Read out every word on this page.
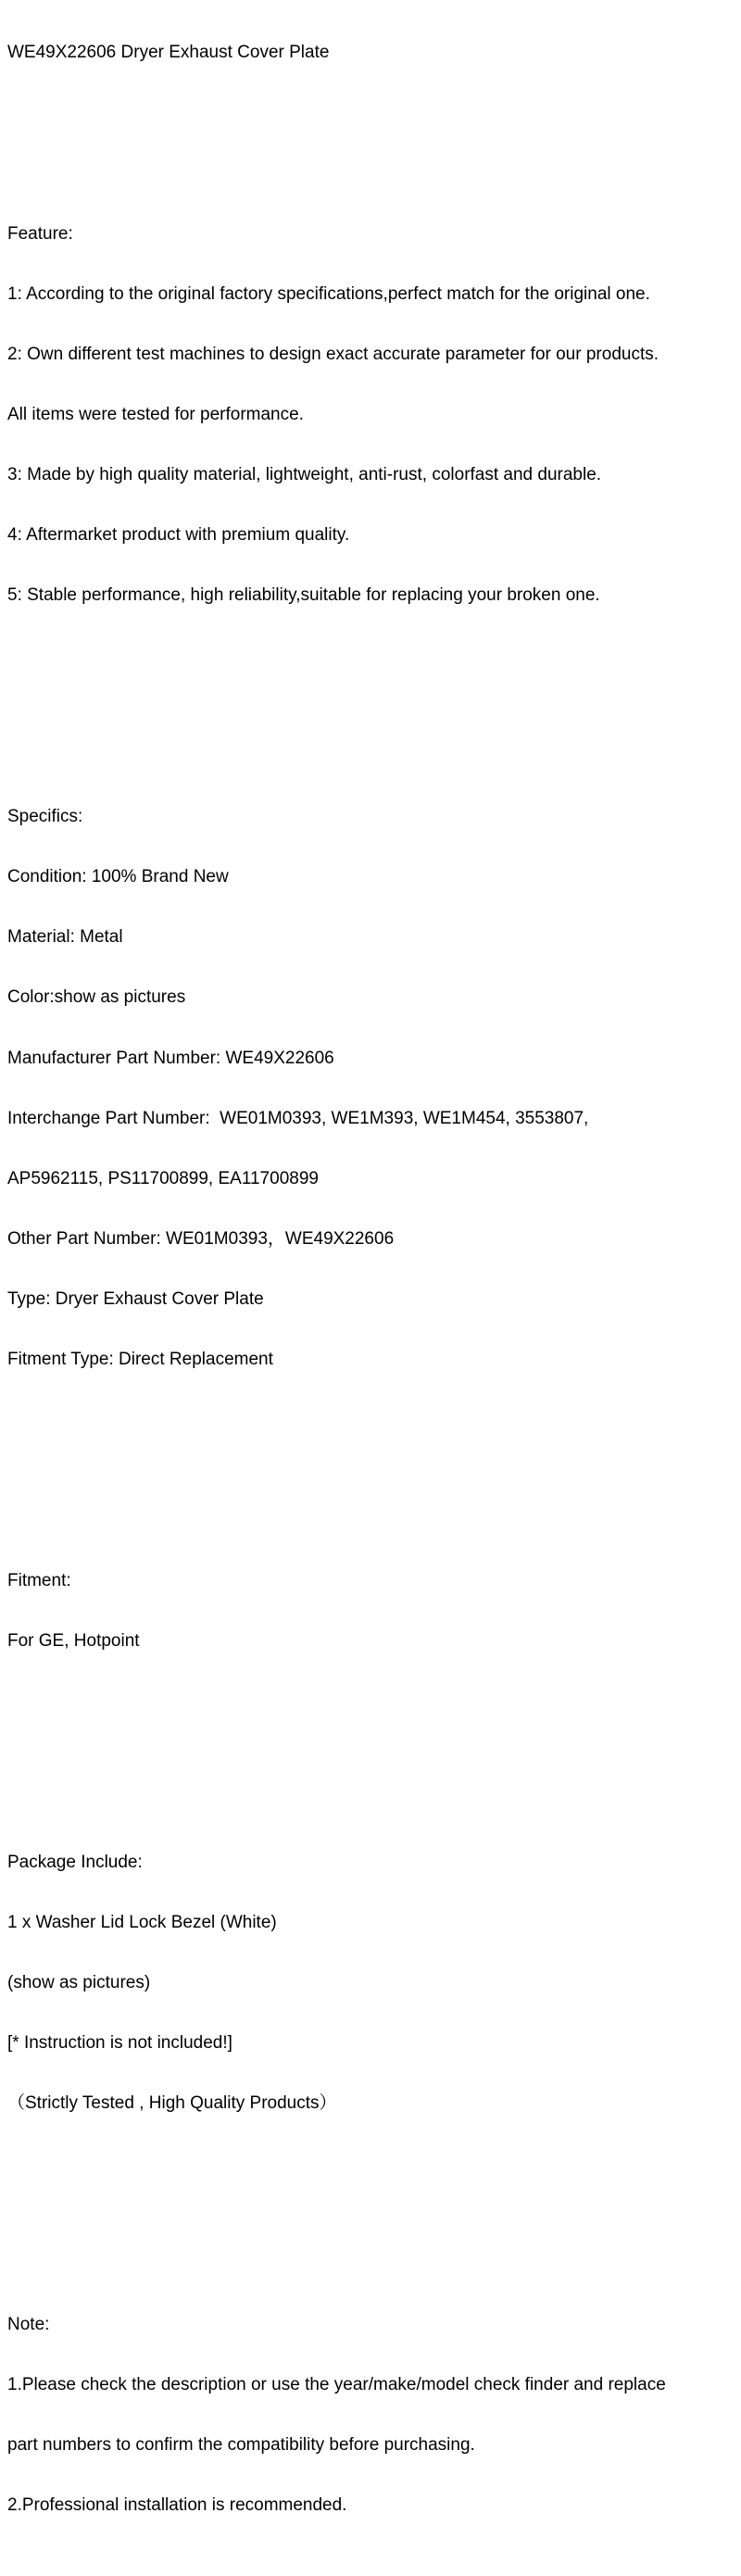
WE49X22606 Dryer Exhaust Cover Plate

Feature:

1: According to the original factory specifications,perfect match for the original one.

2: Own different test machines to design exact accurate parameter for our products.

All items were tested for performance.

3: Made by high quality material, lightweight, anti-rust, colorfast and durable.

4: Aftermarket product with premium quality.

5: Stable performance, high reliability,suitable for replacing your broken one.

Specifics:

Condition: 100% Brand New

Material: Metal

Color:show as pictures

Manufacturer Part Number: WE49X22606

Interchange Part Number:  WE01M0393, WE1M393, WE1M454, 3553807,

AP5962115, PS11700899, EA11700899

Other Part Number: WE01M0393，WE49X22606

Type: Dryer Exhaust Cover Plate

Fitment Type: Direct Replacement

Fitment:

For GE, Hotpoint

Package Include:

1 x Washer Lid Lock Bezel (White)

(show as pictures)

[* Instruction is not included!]

（Strictly Tested , High Quality Products）

Note:

1.Please check the description or use the year/make/model check finder and replace

part numbers to confirm the compatibility before purchasing.

2.Professional installation is recommended.
